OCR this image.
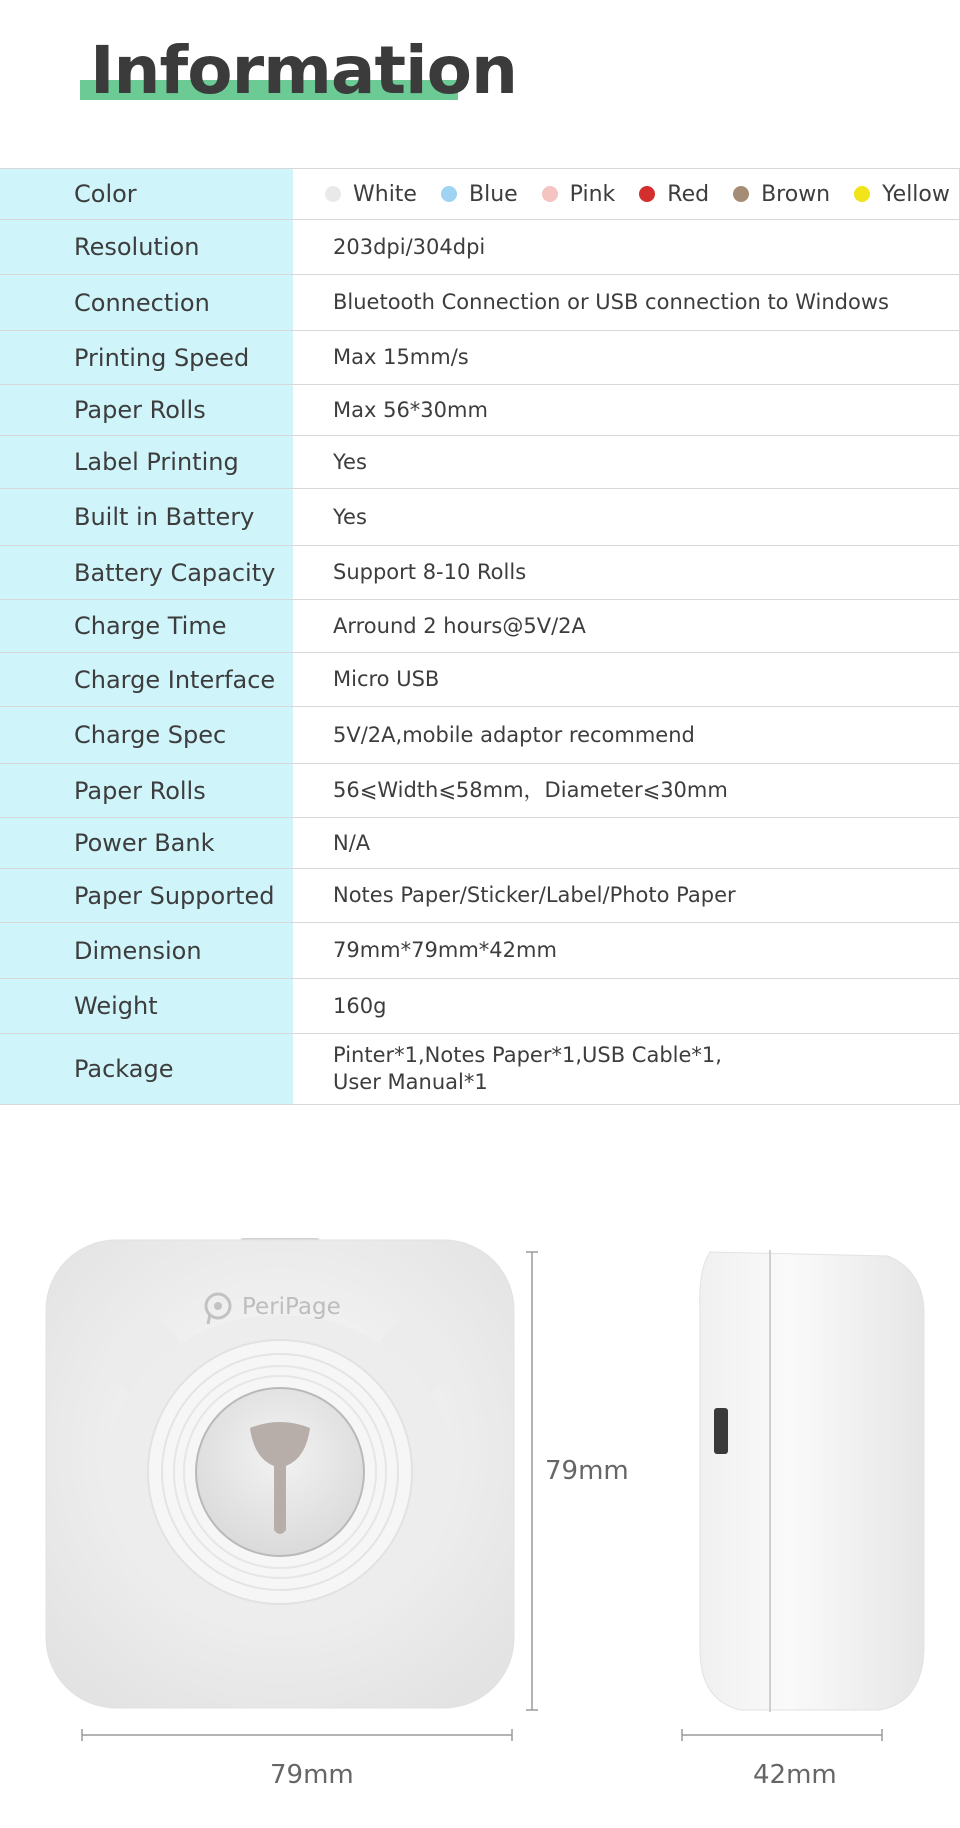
Information
Color	White Blue Pink Red Brown Yellow
Resolution	203dpi/304dpi
Connection	Bluetooth Connection or USB connection to Windows
Printing Speed	Max 15mm/s
Paper Rolls	Max 56*30mm
Label Printing	Yes
Built in Battery	Yes
Battery Capacity	Support 8-10 Rolls
Charge Time	Arround 2 hours@5V/2A
Charge Interface	Micro USB
Charge Spec	5V/2A,mobile adaptor recommend
Paper Rolls	56⩽Width⩽58mm，Diameter⩽30mm
Power Bank	N/A
Paper Supported	Notes Paper/Sticker/Label/Photo Paper
Dimension	79mm*79mm*42mm
Weight	160g
Package	Pinter*1,Notes Paper*1,USB Cable*1,
User Manual*1
PeriPage
79mm
79mm	42mm
